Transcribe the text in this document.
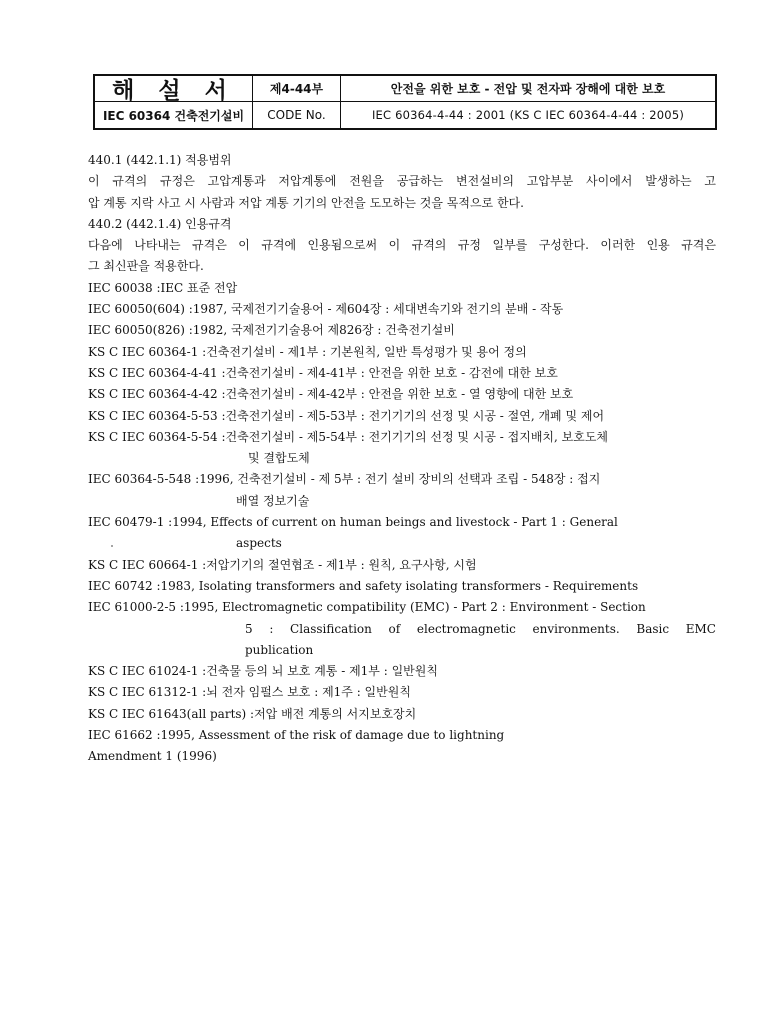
해 설 서	제4-44부	안전을 위한 보호 - 전압 및 전자파 장해에 대한 보호
IEC 60364 건축전기설비	CODE No.	IEC 60364-4-44 : 2001 (KS C IEC 60364-4-44 : 2005)
440.1 (442.1.1) 적용범위
이 규격의 규정은 고압계통과 저압계통에 전원을 공급하는 변전설비의 고압부분 사이에서 발생하는 고
압 계통 지락 사고 시 사람과 저압 계통 기기의 안전을 도모하는 것을 목적으로 한다.
440.2 (442.1.4) 인용규격
다음에 나타내는 규격은 이 규격에 인용됨으로써 이 규격의 규정 일부를 구성한다. 이러한 인용 규격은
그 최신판을 적용한다.
IEC 60038 : IEC 표준 전압
IEC 60050(604) : 1987, 국제전기기술용어 - 제604장 : 세대변속기와 전기의 분배 - 작동
IEC 60050(826) : 1982, 국제전기기술용어 제826장 : 건축전기설비
KS C IEC 60364-1 : 건축전기설비 - 제1부 : 기본원칙, 일반 특성평가 및 용어 정의
KS C IEC 60364-4-41 : 건축전기설비 - 제4-41부 : 안전을 위한 보호 - 감전에 대한 보호
KS C IEC 60364-4-42 : 건축전기설비 - 제4-42부 : 안전을 위한 보호 - 열 영향에 대한 보호
KS C IEC 60364-5-53 : 건축전기설비 - 제5-53부 : 전기기기의 선정 및 시공 - 절연, 개폐 및 제어
KS C IEC 60364-5-54 : 건축전기설비 - 제5-54부 : 전기기기의 선정 및 시공 - 접지배치, 보호도체
및 결합도체
IEC 60364-5-548 : 1996, 건축전기설비 - 제 5부 : 전기 설비 장비의 선택과 조립 - 548장 : 접지
배열 정보기술
IEC 60479-1 : 1994, Effects of current on human beings and livestock - Part 1 : General
aspects
KS C IEC 60664-1 : 저압기기의 절연협조 - 제1부 : 원칙, 요구사항, 시험
IEC 60742 : 1983, Isolating transformers and safety isolating transformers - Requirements
IEC 61000-2-5 : 1995, Electromagnetic compatibility (EMC) - Part 2 : Environment - Section
5 : Classification of electromagnetic environments. Basic EMC
publication
KS C IEC 61024-1 : 건축물 등의 뇌 보호 계통 - 제1부 : 일반원칙
KS C IEC 61312-1 : 뇌 전자 임펄스 보호 : 제1주 : 일반원칙
KS C IEC 61643(all parts) : 저압 배전 계통의 서지보호장치
IEC 61662 : 1995, Assessment of the risk of damage due to lightning
Amendment 1 (1996)
